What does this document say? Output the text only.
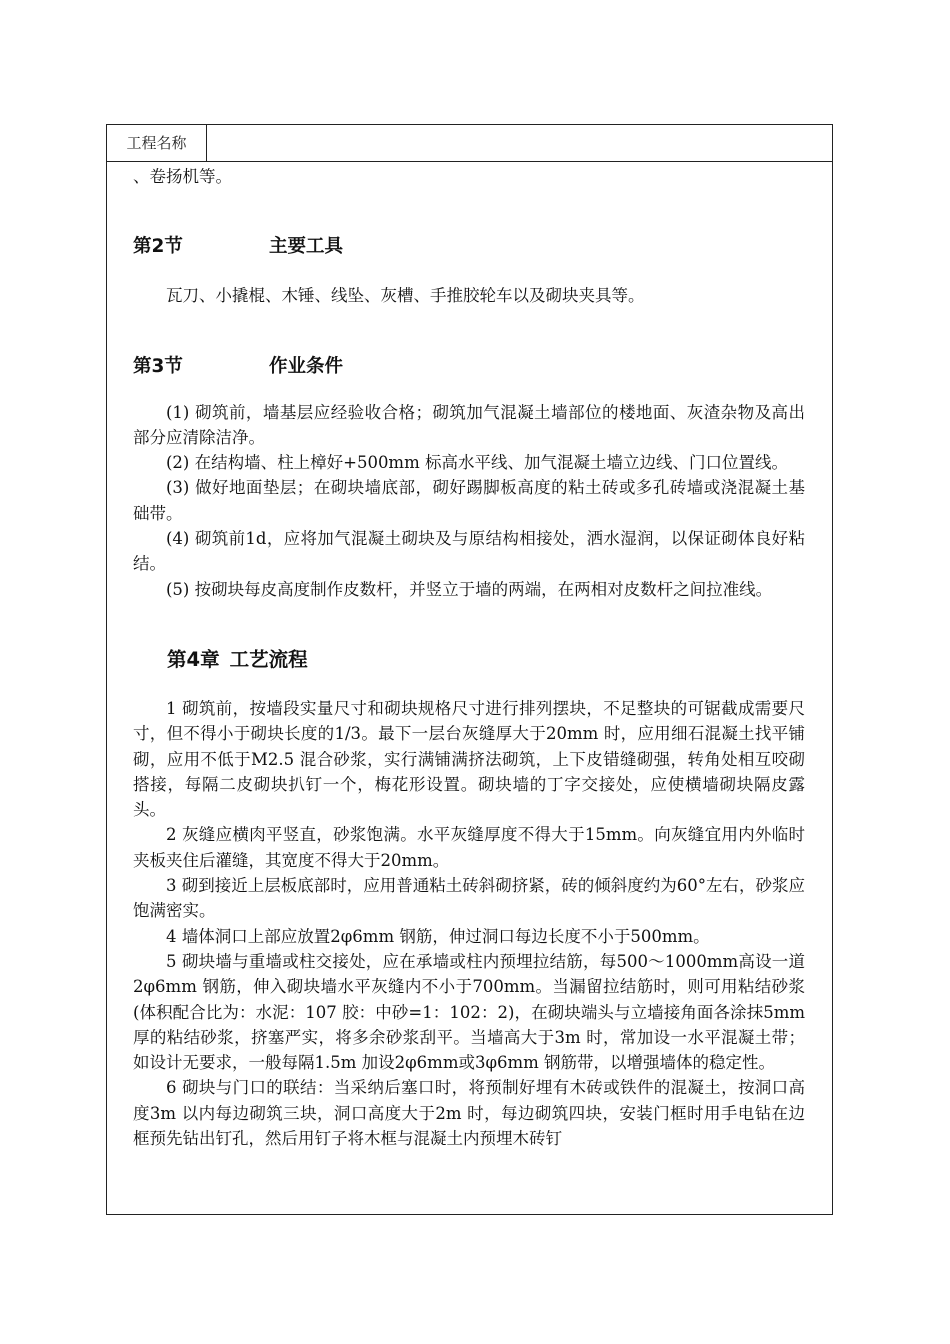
工程名称

、卷扬机等。

第2节	主要工具

瓦刀、小撬棍、木锤、线坠、灰槽、手推胶轮车以及砌块夹具等。

第3节	作业条件

(1) 砌筑前，墙基层应经验收合格；砌筑加气混凝土墙部位的楼地面、灰渣杂物及高出部分应清除洁净。

(2) 在结构墙、柱上樟好+500mm 标高水平线、加气混凝土墙立边线、门口位置线。

(3) 做好地面垫层；在砌块墙底部，砌好踢脚板高度的粘土砖或多孔砖墙或浇混凝土基础带。

(4) 砌筑前1d，应将加气混凝土砌块及与原结构相接处，洒水湿润，以保证砌体良好粘结。

(5) 按砌块每皮高度制作皮数杆，并竖立于墙的两端，在两相对皮数杆之间拉准线。

第4章 工艺流程

1 砌筑前，按墙段实量尺寸和砌块规格尺寸进行排列摆块，不足整块的可锯截成需要尺寸，但不得小于砌块长度的1/3。最下一层台灰缝厚大于20mm 时，应用细石混凝土找平铺砌，应用不低于M2.5 混合砂浆，实行满铺满挤法砌筑，上下皮错缝砌强，转角处相互咬砌搭接，每隔二皮砌块扒钉一个，梅花形设置。砌块墙的丁字交接处，应使横墙砌块隔皮露头。

2 灰缝应横肉平竖直，砂浆饱满。水平灰缝厚度不得大于15mm。向灰缝宜用内外临时夹板夹住后灌缝，其宽度不得大于20mm。

3 砌到接近上层板底部时，应用普通粘土砖斜砌挤紧，砖的倾斜度约为60°左右，砂浆应饱满密实。

4 墙体洞口上部应放置2φ6mm 钢筋，伸过洞口每边长度不小于500mm。

5 砌块墙与重墙或柱交接处，应在承墙或柱内预埋拉结筋，每500～1000mm高设一道2φ6mm 钢筋，伸入砌块墙水平灰缝内不小于700mm。当漏留拉结筋时，则可用粘结砂浆(体积配合比为：水泥：107 胶：中砂=1：102：2)，在砌块端头与立墙接角面各涂抹5mm 厚的粘结砂浆，挤塞严实，将多余砂浆刮平。当墙高大于3m 时，常加设一水平混凝土带；如设计无要求，一般每隔1.5m 加设2φ6mm或3φ6mm 钢筋带，以增强墙体的稳定性。

6 砌块与门口的联结：当采纳后塞口时，将预制好埋有木砖或铁件的混凝土，按洞口高度3m 以内每边砌筑三块，洞口高度大于2m 时，每边砌筑四块，安装门框时用手电钻在边框预先钻出钉孔，然后用钉子将木框与混凝土内预埋木砖钉
